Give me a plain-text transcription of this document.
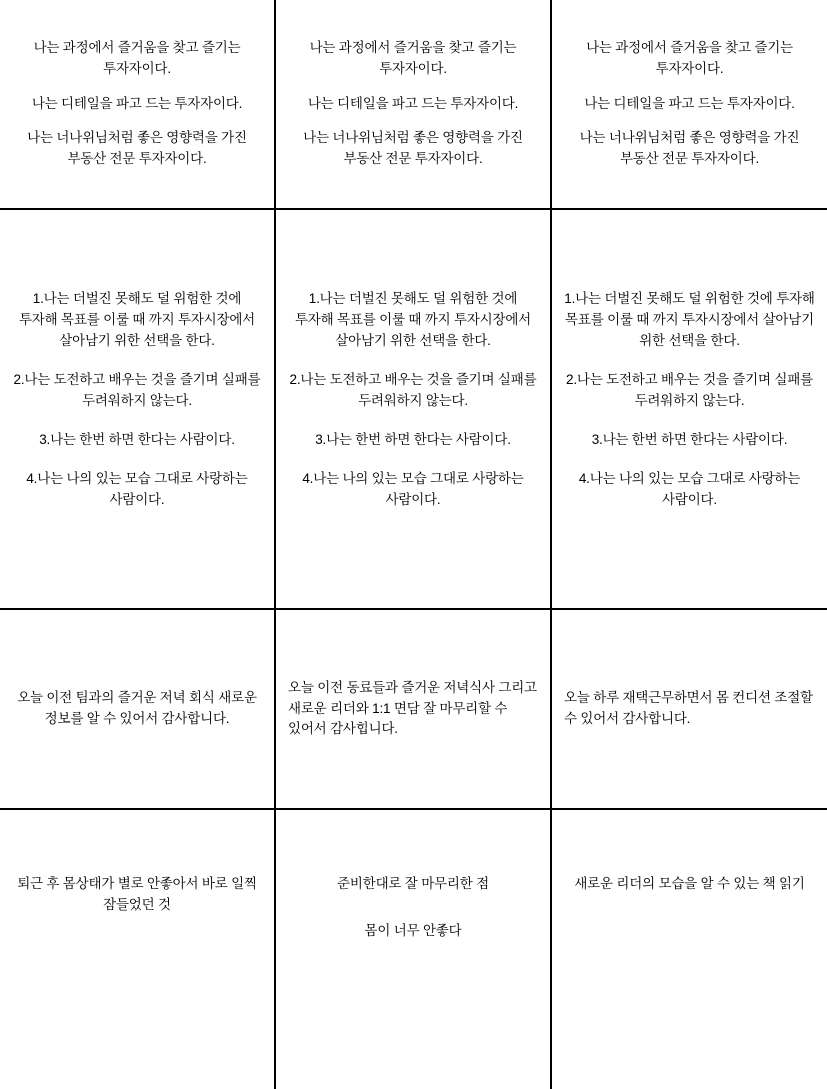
나는 과정에서 즐거움을 찾고 즐기는 투자자이다.

나는 디테일을 파고 드는 투자자이다.

나는 너나위님처럼 좋은 영향력을 가진 부동산 전문 투자자이다.

나는 과정에서 즐거움을 찾고 즐기는 투자자이다.

나는 디테일을 파고 드는 투자자이다.

나는 너나위님처럼 좋은 영향력을 가진 부동산 전문 투자자이다.

나는 과정에서 즐거움을 찾고 즐기는 투자자이다.

나는 디테일을 파고 드는 투자자이다.

나는 너나위님처럼 좋은 영향력을 가진 부동산 전문 투자자이다.

1.나는 더벌진 못해도 덜 위험한 것에 투자해 목표를 이룰 때 까지 투자시장에서 살아남기 위한 선택을 한다.

2.나는 도전하고 배우는 것을 즐기며 실패를 두려워하지 않는다.

3.나는 한번 하면 한다는 사람이다.

4.나는 나의 있는 모습 그대로 사랑하는 사람이다.

1.나는 더벌진 못해도 덜 위험한 것에 투자해 목표를 이룰 때 까지 투자시장에서 살아남기 위한 선택을 한다.

2.나는 도전하고 배우는 것을 즐기며 실패를 두려워하지 않는다.

3.나는 한번 하면 한다는 사람이다.

4.나는 나의 있는 모습 그대로 사랑하는 사람이다.

1.나는 더벌진 못해도 덜 위험한 것에 투자해 목표를 이룰 때 까지 투자시장에서 살아남기 위한 선택을 한다.

2.나는 도전하고 배우는 것을 즐기며 실패를 두려워하지 않는다.

3.나는 한번 하면 한다는 사람이다.

4.나는 나의 있는 모습 그대로 사랑하는 사람이다.

오늘 이전 팀과의 즐거운 저녁 회식 새로운 정보를 알 수 있어서 감사합니다.

오늘 이전 동료들과 즐거운 저녁식사 그리고 새로운 리더와 1:1 면담 잘 마무리할 수 있어서 감사힙니다.

오늘 하루 재택근무하면서 몸 컨디션 조절할 수 있어서 감사합니다.

퇴근 후 몸상태가 별로 안좋아서 바로 일찍 잠들었던 것

준비한대로 잘 마무리한 점

몸이 너무 안좋다

새로운 리더의 모습을 알 수 있는 책 읽기
